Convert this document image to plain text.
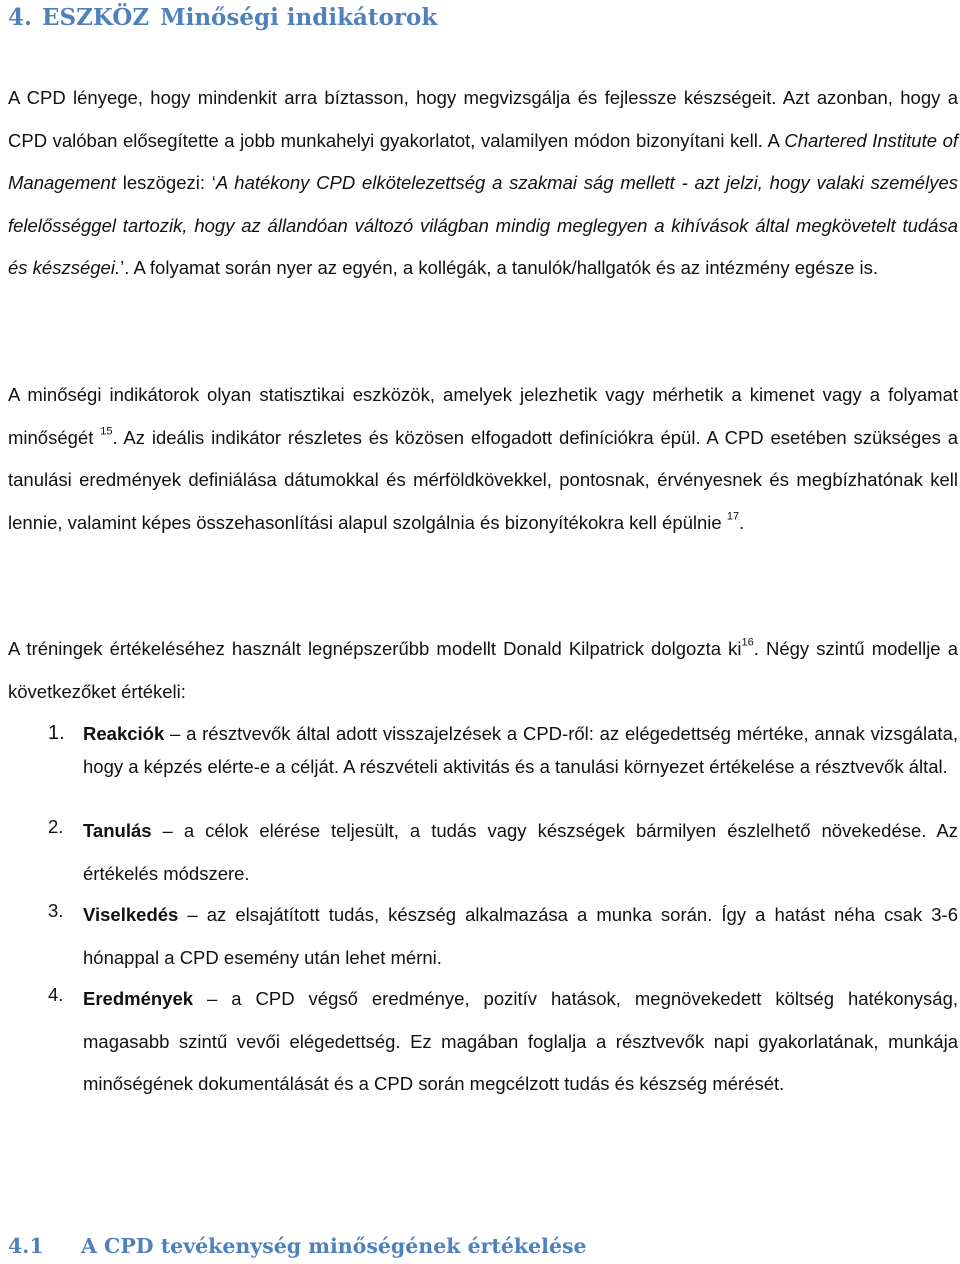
4. ESZKÖZ Minőségi indikátorok

A CPD lényege, hogy mindenkit arra bíztasson, hogy megvizsgálja és fejlessze készségeit. Azt azonban, hogy a CPD valóban elősegítette a jobb munkahelyi gyakorlatot, valamilyen módon bizonyítani kell. A Chartered Institute of Management leszögezi: ‘A hatékony CPD elkötelezettség a szakmai ság mellett - azt jelzi, hogy valaki személyes felelősséggel tartozik, hogy az állandóan változó világban mindig meglegyen a kihívások által megkövetelt tudása és készségei.’. A folyamat során nyer az egyén, a kollégák, a tanulók/hallgatók és az intézmény egésze is.

A minőségi indikátorok olyan statisztikai eszközök, amelyek jelezhetik vagy mérhetik a kimenet vagy a folyamat minőségét $^{15}$. Az ideális indikátor részletes és közösen elfogadott definíciókra épül. A CPD esetében szükséges a tanulási eredmények definiálása dátumokkal és mérföldkövekkel, pontosnak, érvényesnek és megbízhatónak kell lennie, valamint képes összehasonlítási alapul szolgálnia és bizonyítékokra kell épülnie $^{17}$.

A tréningek értékeléséhez használt legnépszerűbb modellt Donald Kilpatrick dolgozta $ki^{16}$. Négy szintű modellje a következőket értékeli:

1. Reakciók – a résztvevők által adott visszajelzések a CPD-ről: az elégedettség mértéke, annak vizsgálata, hogy a képzés elérte-e a célját. A részvételi aktivitás és a tanulási környezet értékelése a résztvevők által.

2. Tanulás – a célok elérése teljesült, a tudás vagy készségek bármilyen észlelhető növekedése. Az értékelés módszere.

3. Viselkedés – az elsajátított tudás, készség alkalmazása a munka során. Így a hatást néha csak 3-6 hónappal a CPD esemény után lehet mérni.

4. Eredmények – a CPD végső eredménye, pozitív hatások, megnövekedett költség hatékonyság, magasabb szintű vevői elégedettség. Ez magában foglalja a résztvevők napi gyakorlatának, munkája minőségének dokumentálását és a CPD során megcélzott tudás és készség mérését.

4.1 A CPD tevékenység minőségének értékelése
